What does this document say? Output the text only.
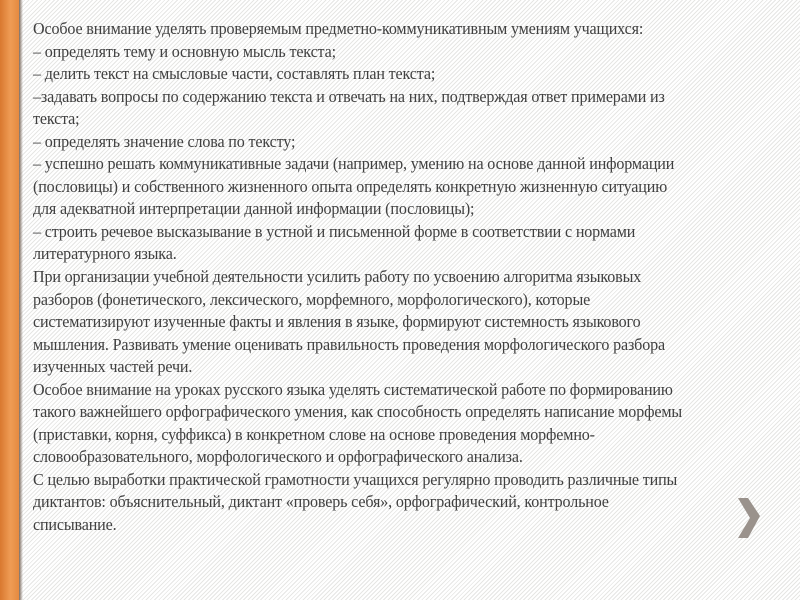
Особое внимание уделять проверяемым предметно-коммуникативным умениям учащихся:
– определять тему и основную мысль текста;
– делить текст на смысловые части, составлять план текста;
–задавать вопросы по содержанию текста и отвечать на них, подтверждая ответ примерами из
текста;
– определять значение слова по тексту;
– успешно решать коммуникативные задачи (например, умению на основе данной информации
(пословицы) и собственного жизненного опыта определять конкретную жизненную ситуацию
для адекватной интерпретации данной информации (пословицы);
– строить речевое высказывание в устной и письменной форме в соответствии с нормами
литературного языка.
При организации учебной деятельности усилить работу по усвоению алгоритма языковых
разборов (фонетического, лексического, морфемного, морфологического), которые
систематизируют изученные факты и явления в языке, формируют системность языкового
мышления. Развивать умение оценивать правильность проведения морфологического разбора
изученных частей речи.
Особое внимание на уроках русского языка уделять систематической работе по формированию
такого важнейшего орфографического умения, как способность определять написание морфемы
(приставки, корня, суффикса) в конкретном слове на основе проведения морфемно-
словообразовательного, морфологического и орфографического анализа.
С целью выработки практической грамотности учащихся регулярно проводить различные типы
диктантов: объяснительный, диктант «проверь себя», орфографический, контрольное
списывание.
